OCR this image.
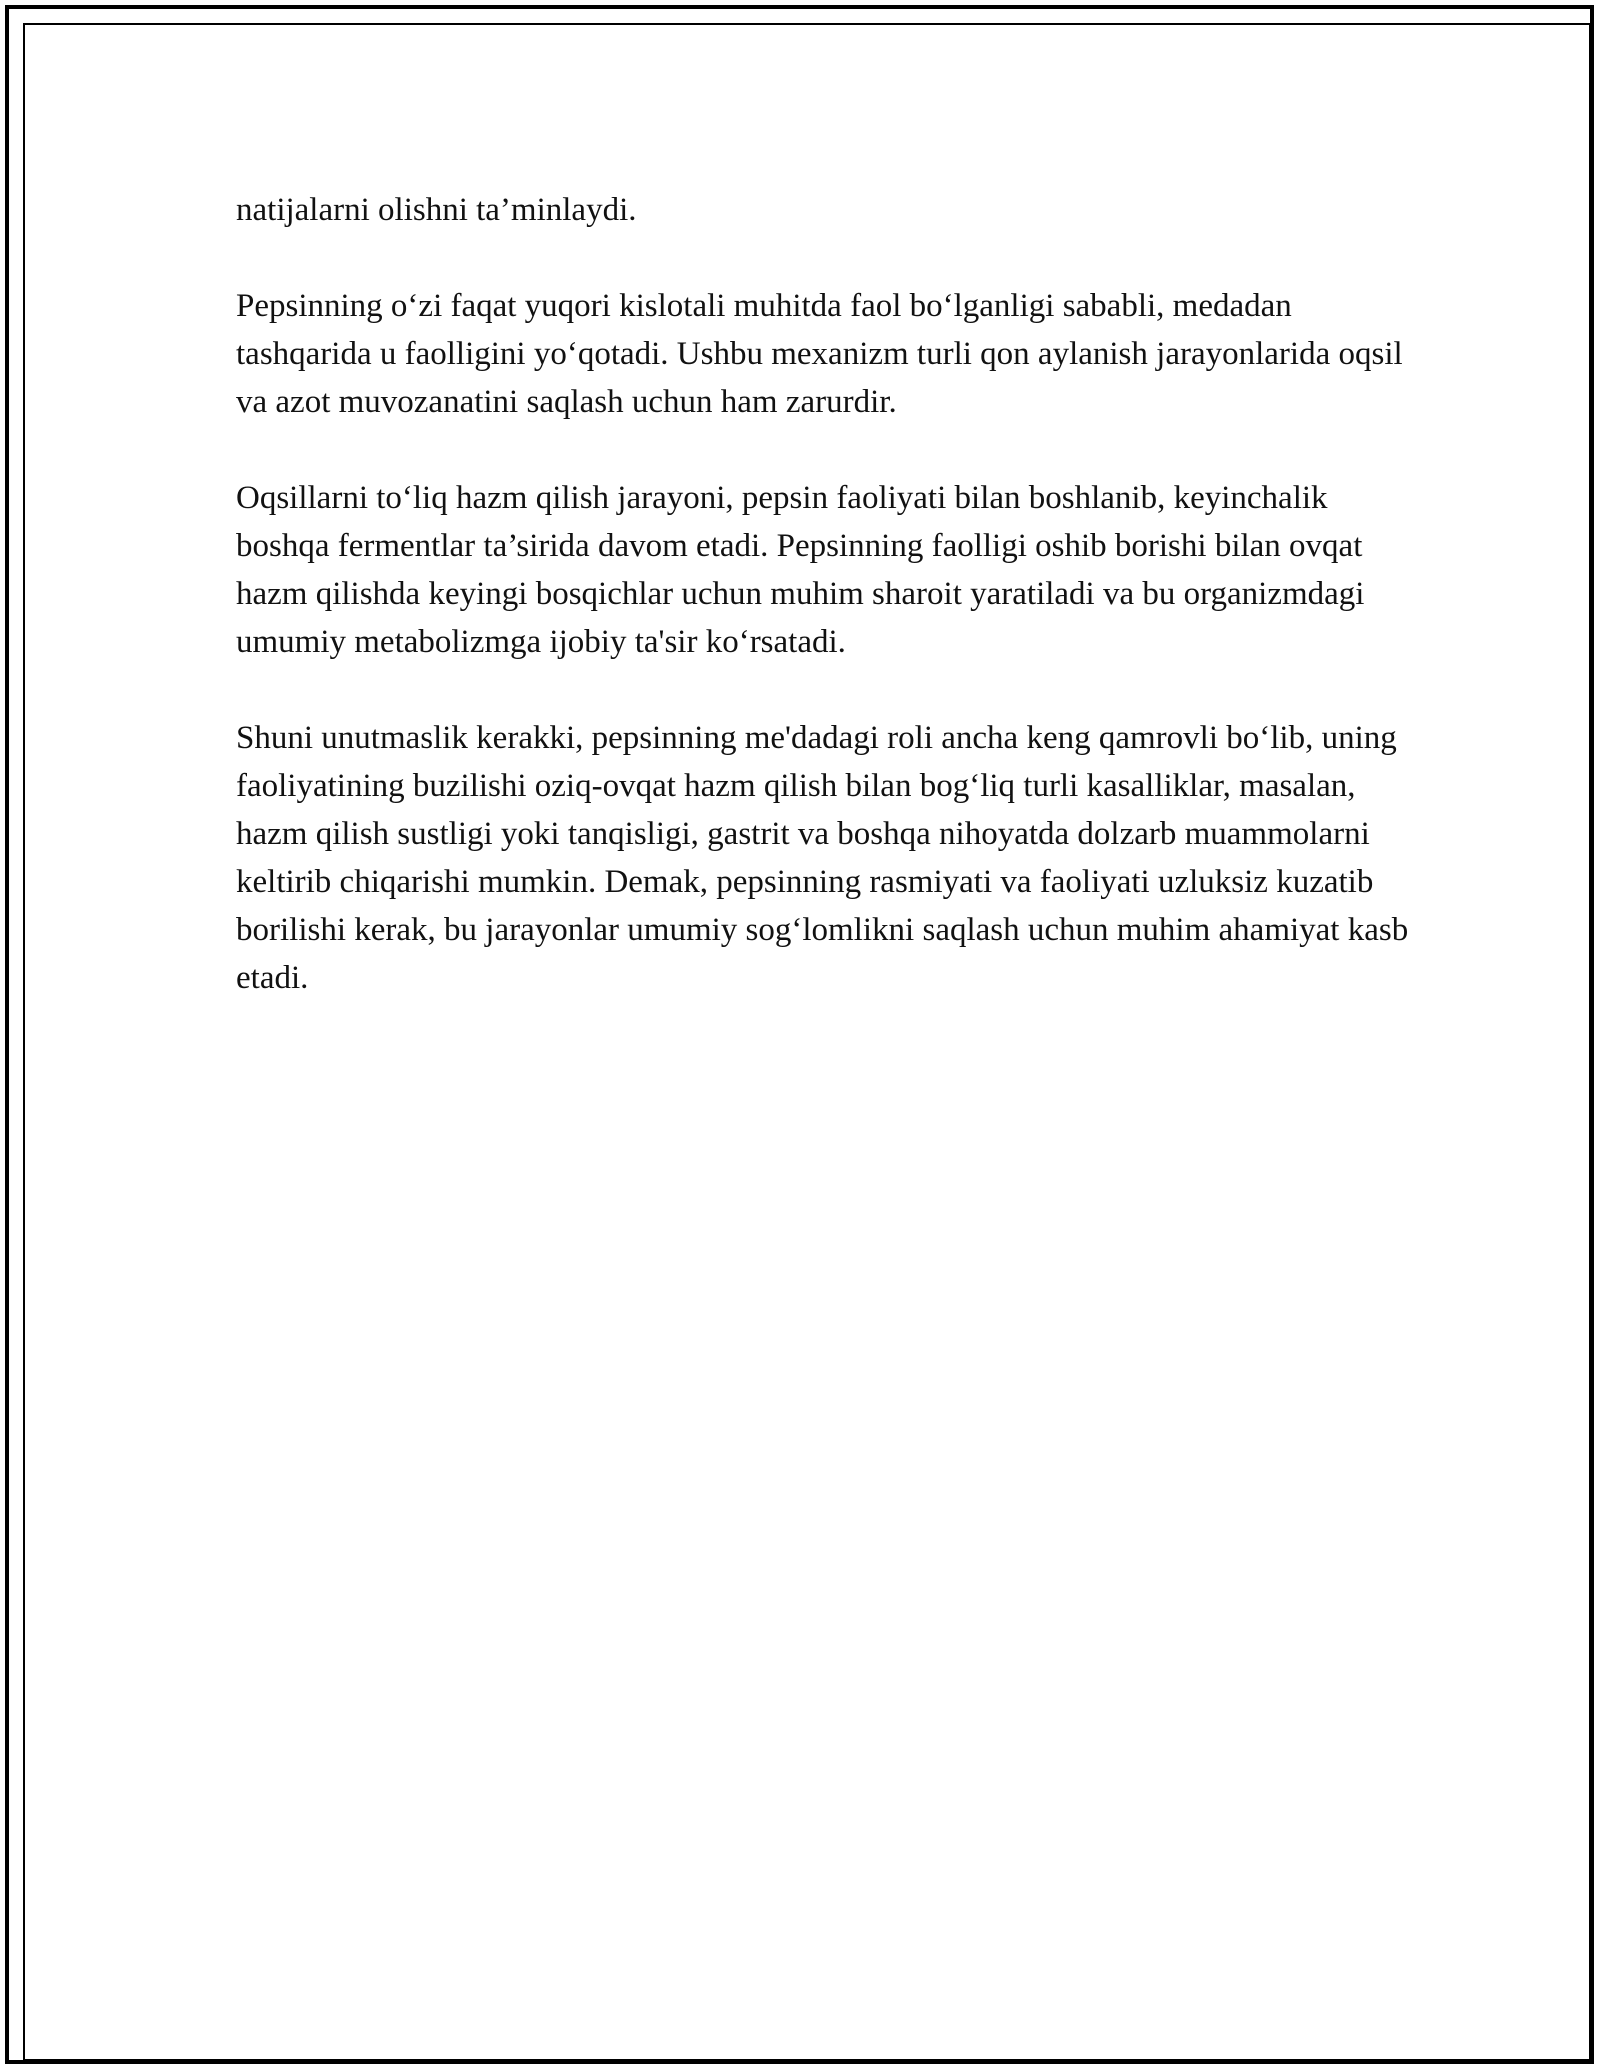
natijalarni olishni ta’minlaydi.

Pepsinning o‘zi faqat yuqori kislotali muhitda faol bo‘lganligi sababli, medadan tashqarida u faolligini yo‘qotadi. Ushbu mexanizm turli qon aylanish jarayonlarida oqsil va azot muvozanatini saqlash uchun ham zarurdir.

Oqsillarni to‘liq hazm qilish jarayoni, pepsin faoliyati bilan boshlanib, keyinchalik boshqa fermentlar ta’sirida davom etadi. Pepsinning faolligi oshib borishi bilan ovqat hazm qilishda keyingi bosqichlar uchun muhim sharoit yaratiladi va bu organizmdagi umumiy metabolizmga ijobiy ta'sir ko‘rsatadi.

Shuni unutmaslik kerakki, pepsinning me'dadagi roli ancha keng qamrovli bo‘lib, uning faoliyatining buzilishi oziq-ovqat hazm qilish bilan bog‘liq turli kasalliklar, masalan, hazm qilish sustligi yoki tanqisligi, gastrit va boshqa nihoyatda dolzarb muammolarni keltirib chiqarishi mumkin. Demak, pepsinning rasmiyati va faoliyati uzluksiz kuzatib borilishi kerak, bu jarayonlar umumiy sog‘lomlikni saqlash uchun muhim ahamiyat kasb etadi.
